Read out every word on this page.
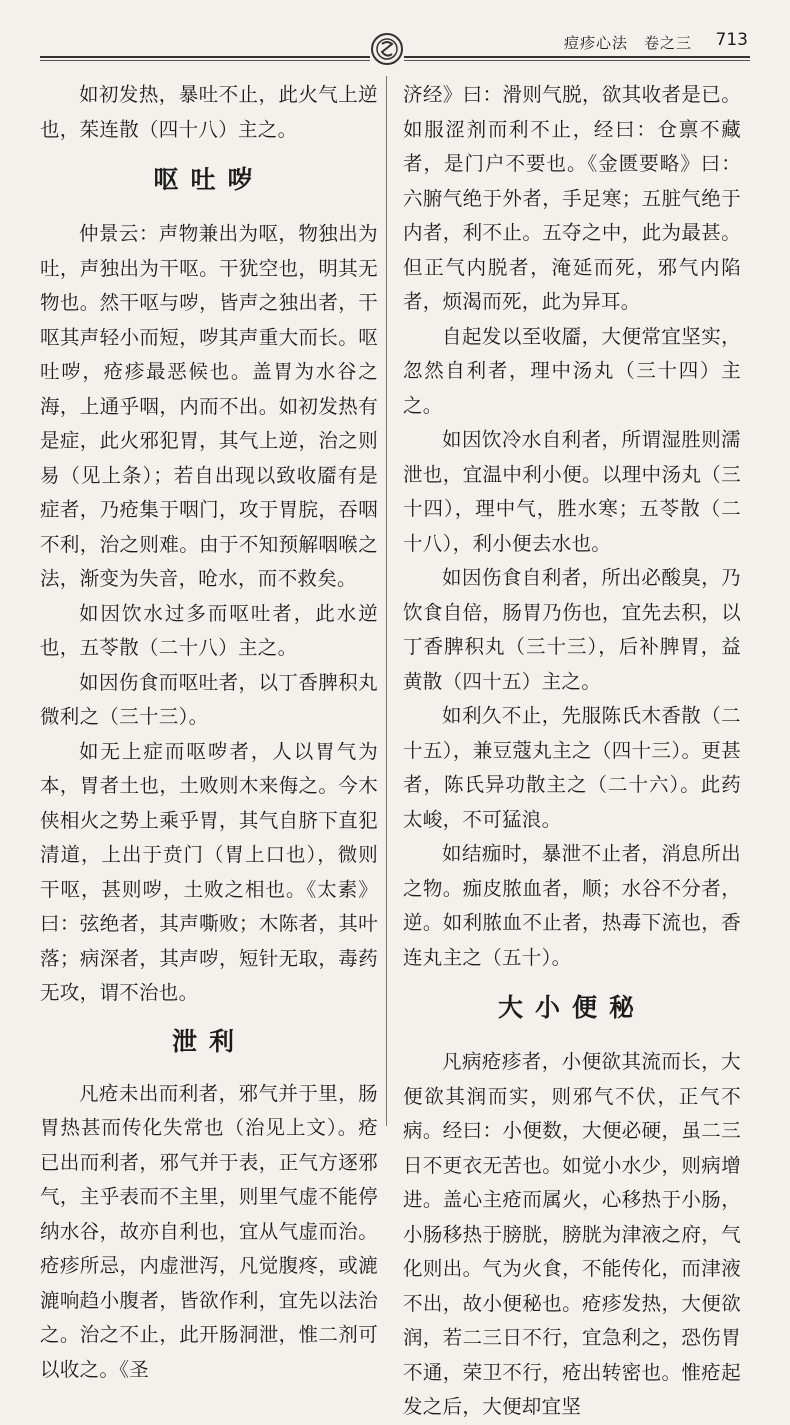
痘疹心法　卷之三 713

如初发热，暴吐不止，此火气上逆也，茱连散（四十八）主之。

呕吐哕

仲景云：声物兼出为呕，物独出为吐，声独出为干呕。干犹空也，明其无物也。然干呕与哕，皆声之独出者，干呕其声轻小而短，哕其声重大而长。呕吐哕，疮疹最恶候也。盖胃为水谷之海，上通乎咽，内而不出。如初发热有是症，此火邪犯胃，其气上逆，治之则易（见上条）；若自出现以致收靥有是症者，乃疮集于咽门，攻于胃脘，吞咽不利，治之则难。由于不知预解咽喉之法，渐变为失音，呛水，而不救矣。

如因饮水过多而呕吐者，此水逆也，五苓散（二十八）主之。

如因伤食而呕吐者，以丁香脾积丸微利之（三十三）。

如无上症而呕哕者，人以胃气为本，胃者土也，土败则木来侮之。今木侠相火之势上乘乎胃，其气自脐下直犯清道，上出于贲门（胃上口也），微则干呕，甚则哕，土败之相也。《太素》曰：弦绝者，其声嘶败；木陈者，其叶落；病深者，其声哕，短针无取，毒药无攻，谓不治也。

泄利

凡疮未出而利者，邪气并于里，肠胃热甚而传化失常也（治见上文）。疮已出而利者，邪气并于表，正气方逐邪气，主乎表而不主里，则里气虚不能停纳水谷，故亦自利也，宜从气虚而治。疮疹所忌，内虚泄泻，凡觉腹疼，或漉漉响趋小腹者，皆欲作利，宜先以法治之。治之不止，此开肠洞泄，惟二剂可以收之。《圣

济经》曰：滑则气脱，欲其收者是已。如服涩剂而利不止，经曰：仓禀不藏者，是门户不要也。《金匮要略》曰：六腑气绝于外者，手足寒；五脏气绝于内者，利不止。五夺之中，此为最甚。但正气内脱者，淹延而死，邪气内陷者，烦渴而死，此为异耳。

自起发以至收靥，大便常宜坚实，忽然自利者，理中汤丸（三十四）主之。

如因饮冷水自利者，所谓湿胜则濡泄也，宜温中利小便。以理中汤丸（三十四），理中气，胜水寒；五苓散（二十八），利小便去水也。

如因伤食自利者，所出必酸臭，乃饮食自倍，肠胃乃伤也，宜先去积，以丁香脾积丸（三十三），后补脾胃，益黄散（四十五）主之。

如利久不止，先服陈氏木香散（二十五），兼豆蔻丸主之（四十三）。更甚者，陈氏异功散主之（二十六）。此药太峻，不可猛浪。

如结痂时，暴泄不止者，消息所出之物。痂皮脓血者，顺；水谷不分者，逆。如利脓血不止者，热毒下流也，香连丸主之（五十）。

大小便秘

凡病疮疹者，小便欲其流而长，大便欲其润而实，则邪气不伏，正气不病。经曰：小便数，大便必硬，虽二三日不更衣无苦也。如觉小水少，则病增进。盖心主疮而属火，心移热于小肠，小肠移热于膀胱，膀胱为津液之府，气化则出。气为火食，不能传化，而津液不出，故小便秘也。疮疹发热，大便欲润，若二三日不行，宜急利之，恐伤胃不通，荣卫不行，疮出转密也。惟疮起发之后，大便却宜坚
